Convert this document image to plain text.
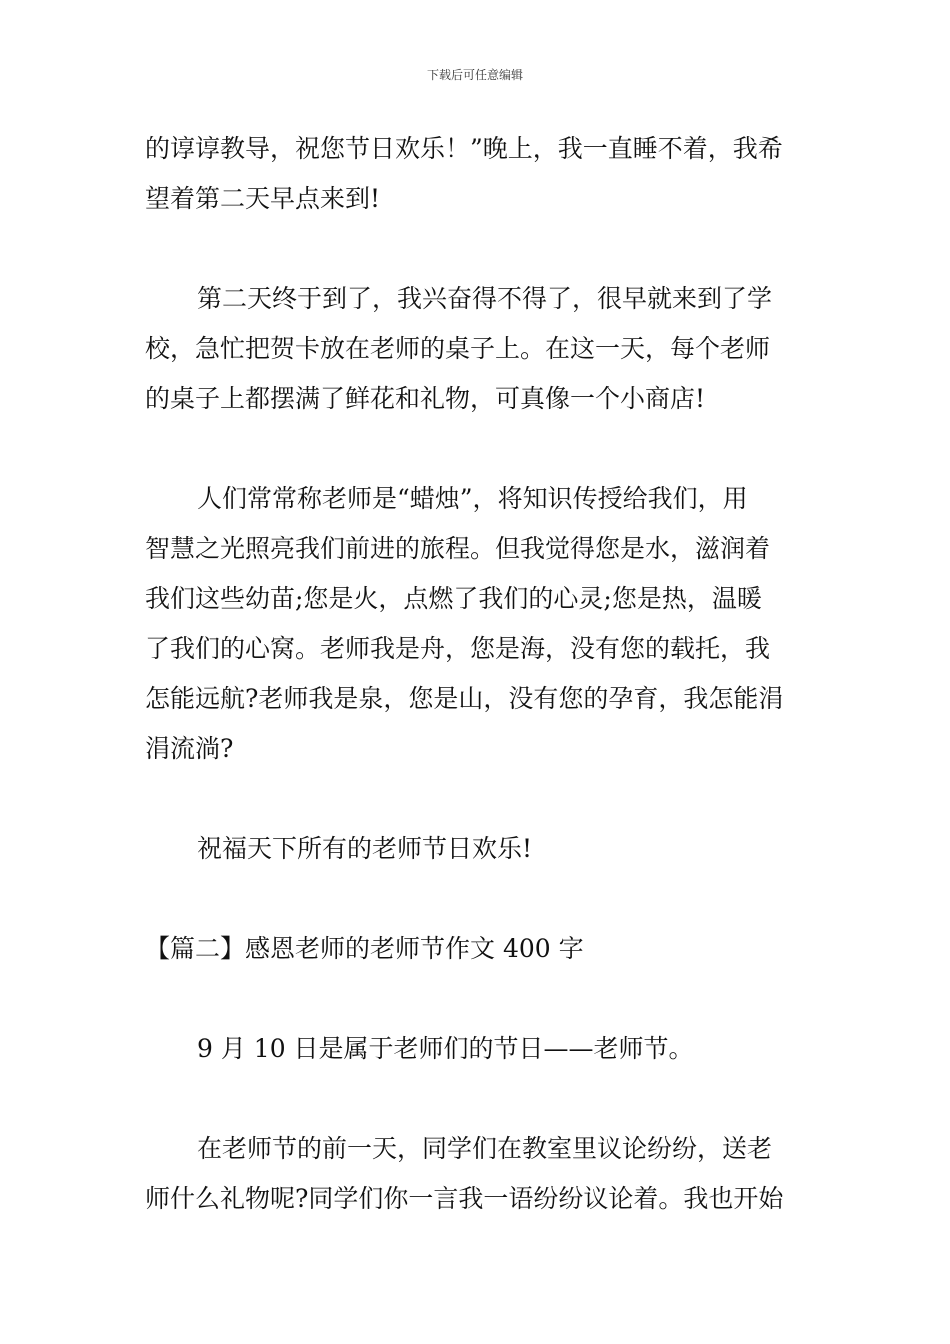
下载后可任意编辑

的谆谆教导，祝您节日欢乐！”晚上，我一直睡不着，我希
望着第二天早点来到!

第二天终于到了，我兴奋得不得了，很早就来到了学
校，急忙把贺卡放在老师的桌子上。在这一天，每个老师
的桌子上都摆满了鲜花和礼物，可真像一个小商店!

人们常常称老师是“蜡烛”，将知识传授给我们，用
智慧之光照亮我们前进的旅程。但我觉得您是水，滋润着
我们这些幼苗;您是火，点燃了我们的心灵;您是热，温暖
了我们的心窝。老师我是舟，您是海，没有您的载托，我
怎能远航?老师我是泉，您是山，没有您的孕育，我怎能涓
涓流淌?

祝福天下所有的老师节日欢乐!

【篇二】感恩老师的老师节作文 400 字

9 月 10 日是属于老师们的节日——老师节。

在老师节的前一天，同学们在教室里议论纷纷，送老
师什么礼物呢?同学们你一言我一语纷纷议论着。我也开始
